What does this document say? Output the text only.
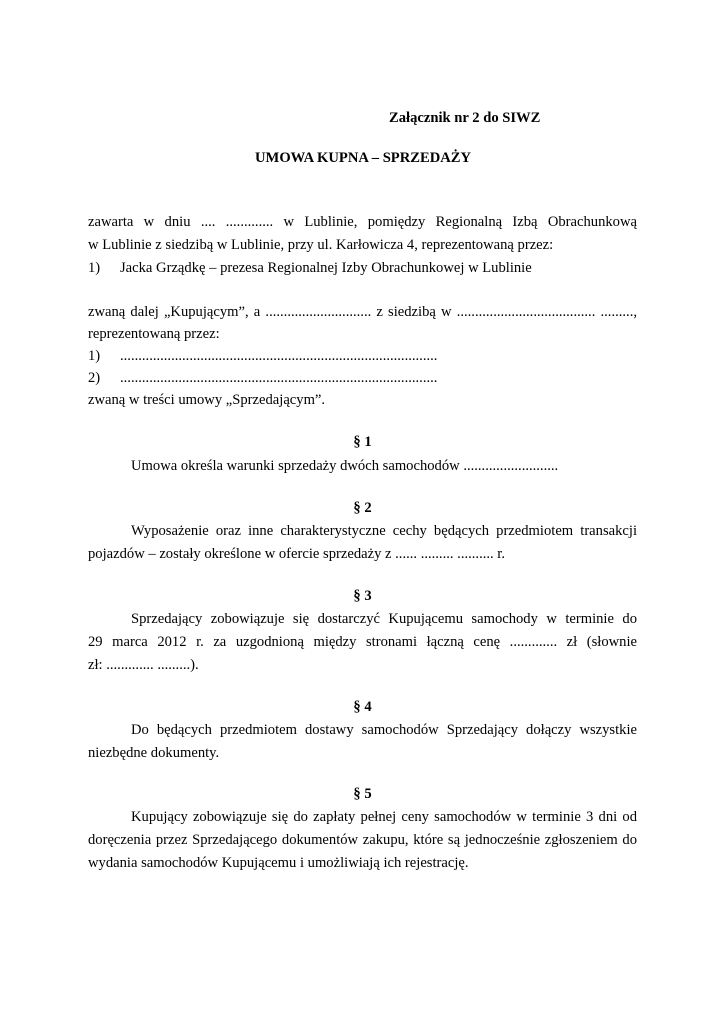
Załącznik nr 2 do SIWZ
UMOWA KUPNA – SPRZEDAŻY
zawarta w dniu .... ............. w Lublinie, pomiędzy Regionalną Izbą Obrachunkową
w Lublinie z siedzibą w Lublinie, przy ul. Karłowicza 4, reprezentowaną przez:
1) Jacka Grządkę – prezesa Regionalnej Izby Obrachunkowej w Lublinie
zwaną dalej „Kupującym”, a ............................. z siedzibą w ...................................... .........,
reprezentowaną przez:
1) .......................................................................................
2) .......................................................................................
zwaną w treści umowy „Sprzedającym”.
§ 1
Umowa określa warunki sprzedaży dwóch samochodów ..........................
§ 2
Wyposażenie oraz inne charakterystyczne cechy będących przedmiotem transakcji
pojazdów – zostały określone w ofercie sprzedaży z ...... ......... .......... r.
§ 3
Sprzedający zobowiązuje się dostarczyć Kupującemu samochody w terminie do
29 marca 2012 r. za uzgodnioną między stronami łączną cenę ............. zł (słownie
zł: ............. .........).
§ 4
Do będących przedmiotem dostawy samochodów Sprzedający dołączy wszystkie
niezbędne dokumenty.
§ 5
Kupujący zobowiązuje się do zapłaty pełnej ceny samochodów w terminie 3 dni od
doręczenia przez Sprzedającego dokumentów zakupu, które są jednocześnie zgłoszeniem do
wydania samochodów Kupującemu i umożliwiają ich rejestrację.
